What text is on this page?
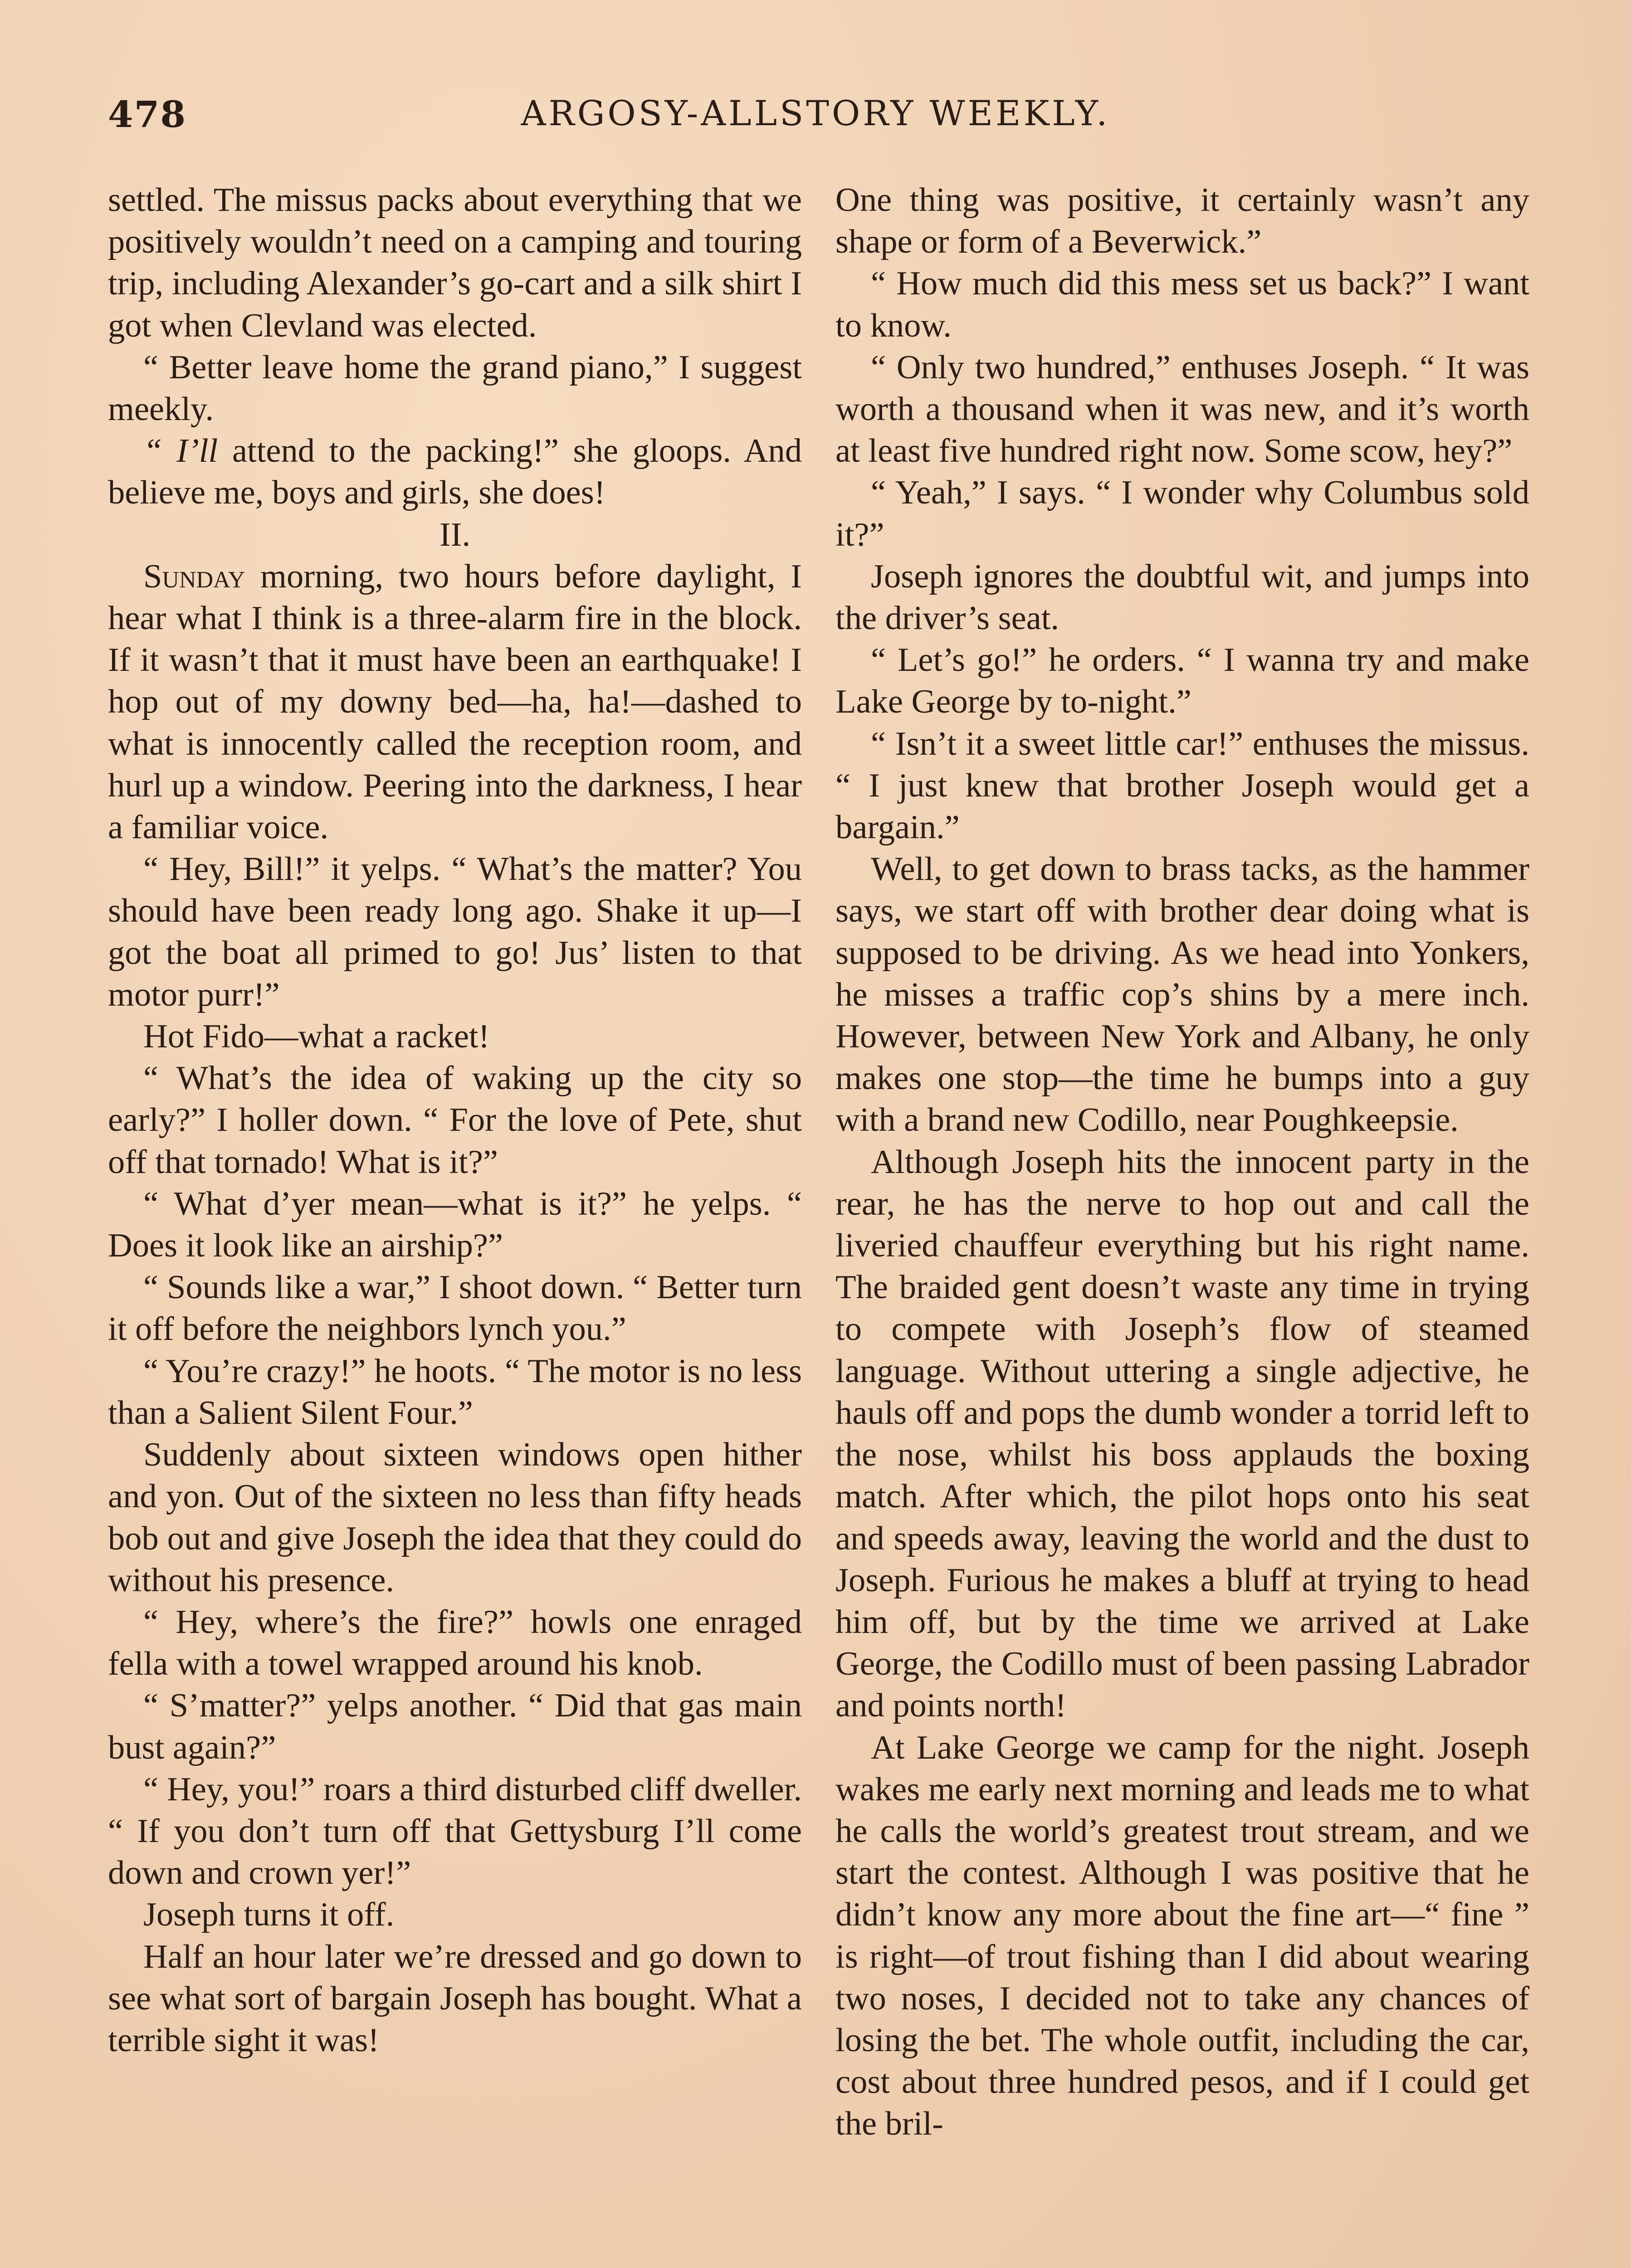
478	ARGOSY-ALLSTORY WEEKLY.

settled. The missus packs about everything that we positively wouldn’t need on a camping and touring trip, including Alexander’s go-cart and a silk shirt I got when Clevland was elected.

“ Better leave home the grand piano,” I suggest meekly.

“ I’ll attend to the packing!” she gloops. And believe me, boys and girls, she does!

II.

Sunday morning, two hours before daylight, I hear what I think is a three-alarm fire in the block. If it wasn’t that it must have been an earthquake! I hop out of my downy bed—ha, ha!—dashed to what is innocently called the reception room, and hurl up a window. Peering into the darkness, I hear a familiar voice.

“ Hey, Bill!” it yelps. “ What’s the matter? You should have been ready long ago. Shake it up—I got the boat all primed to go! Jus’ listen to that motor purr!”

Hot Fido—what a racket!

“ What’s the idea of waking up the city so early?” I holler down. “ For the love of Pete, shut off that tornado! What is it?”

“ What d’yer mean—what is it?” he yelps. “ Does it look like an airship?”

“ Sounds like a war,” I shoot down. “ Better turn it off before the neighbors lynch you.”

“ You’re crazy!” he hoots. “ The motor is no less than a Salient Silent Four.”

Suddenly about sixteen windows open hither and yon. Out of the sixteen no less than fifty heads bob out and give Joseph the idea that they could do without his presence.

“ Hey, where’s the fire?” howls one enraged fella with a towel wrapped around his knob.

“ S’matter?” yelps another. “ Did that gas main bust again?”

“ Hey, you!” roars a third disturbed cliff dweller. “ If you don’t turn off that Gettysburg I’ll come down and crown yer!”

Joseph turns it off.

Half an hour later we’re dressed and go down to see what sort of bargain Joseph has bought. What a terrible sight it was!

One thing was positive, it certainly wasn’t any shape or form of a Beverwick.”

“ How much did this mess set us back?” I want to know.

“ Only two hundred,” enthuses Joseph. “ It was worth a thousand when it was new, and it’s worth at least five hundred right now. Some scow, hey?”

“ Yeah,” I says. “ I wonder why Columbus sold it?”

Joseph ignores the doubtful wit, and jumps into the driver’s seat.

“ Let’s go!” he orders. “ I wanna try and make Lake George by to-night.”

“ Isn’t it a sweet little car!” enthuses the missus. “ I just knew that brother Joseph would get a bargain.”

Well, to get down to brass tacks, as the hammer says, we start off with brother dear doing what is supposed to be driving. As we head into Yonkers, he misses a traffic cop’s shins by a mere inch. However, between New York and Albany, he only makes one stop—the time he bumps into a guy with a brand new Codillo, near Poughkeepsie.

Although Joseph hits the innocent party in the rear, he has the nerve to hop out and call the liveried chauffeur everything but his right name. The braided gent doesn’t waste any time in trying to compete with Joseph’s flow of steamed language. Without uttering a single adjective, he hauls off and pops the dumb wonder a torrid left to the nose, whilst his boss applauds the boxing match. After which, the pilot hops onto his seat and speeds away, leaving the world and the dust to Joseph. Furious he makes a bluff at trying to head him off, but by the time we arrived at Lake George, the Codillo must of been passing Labrador and points north!

At Lake George we camp for the night. Joseph wakes me early next morning and leads me to what he calls the world’s greatest trout stream, and we start the contest. Although I was positive that he didn’t know any more about the fine art—“ fine ” is right—of trout fishing than I did about wearing two noses, I decided not to take any chances of losing the bet. The whole outfit, including the car, cost about three hundred pesos, and if I could get the bril-
